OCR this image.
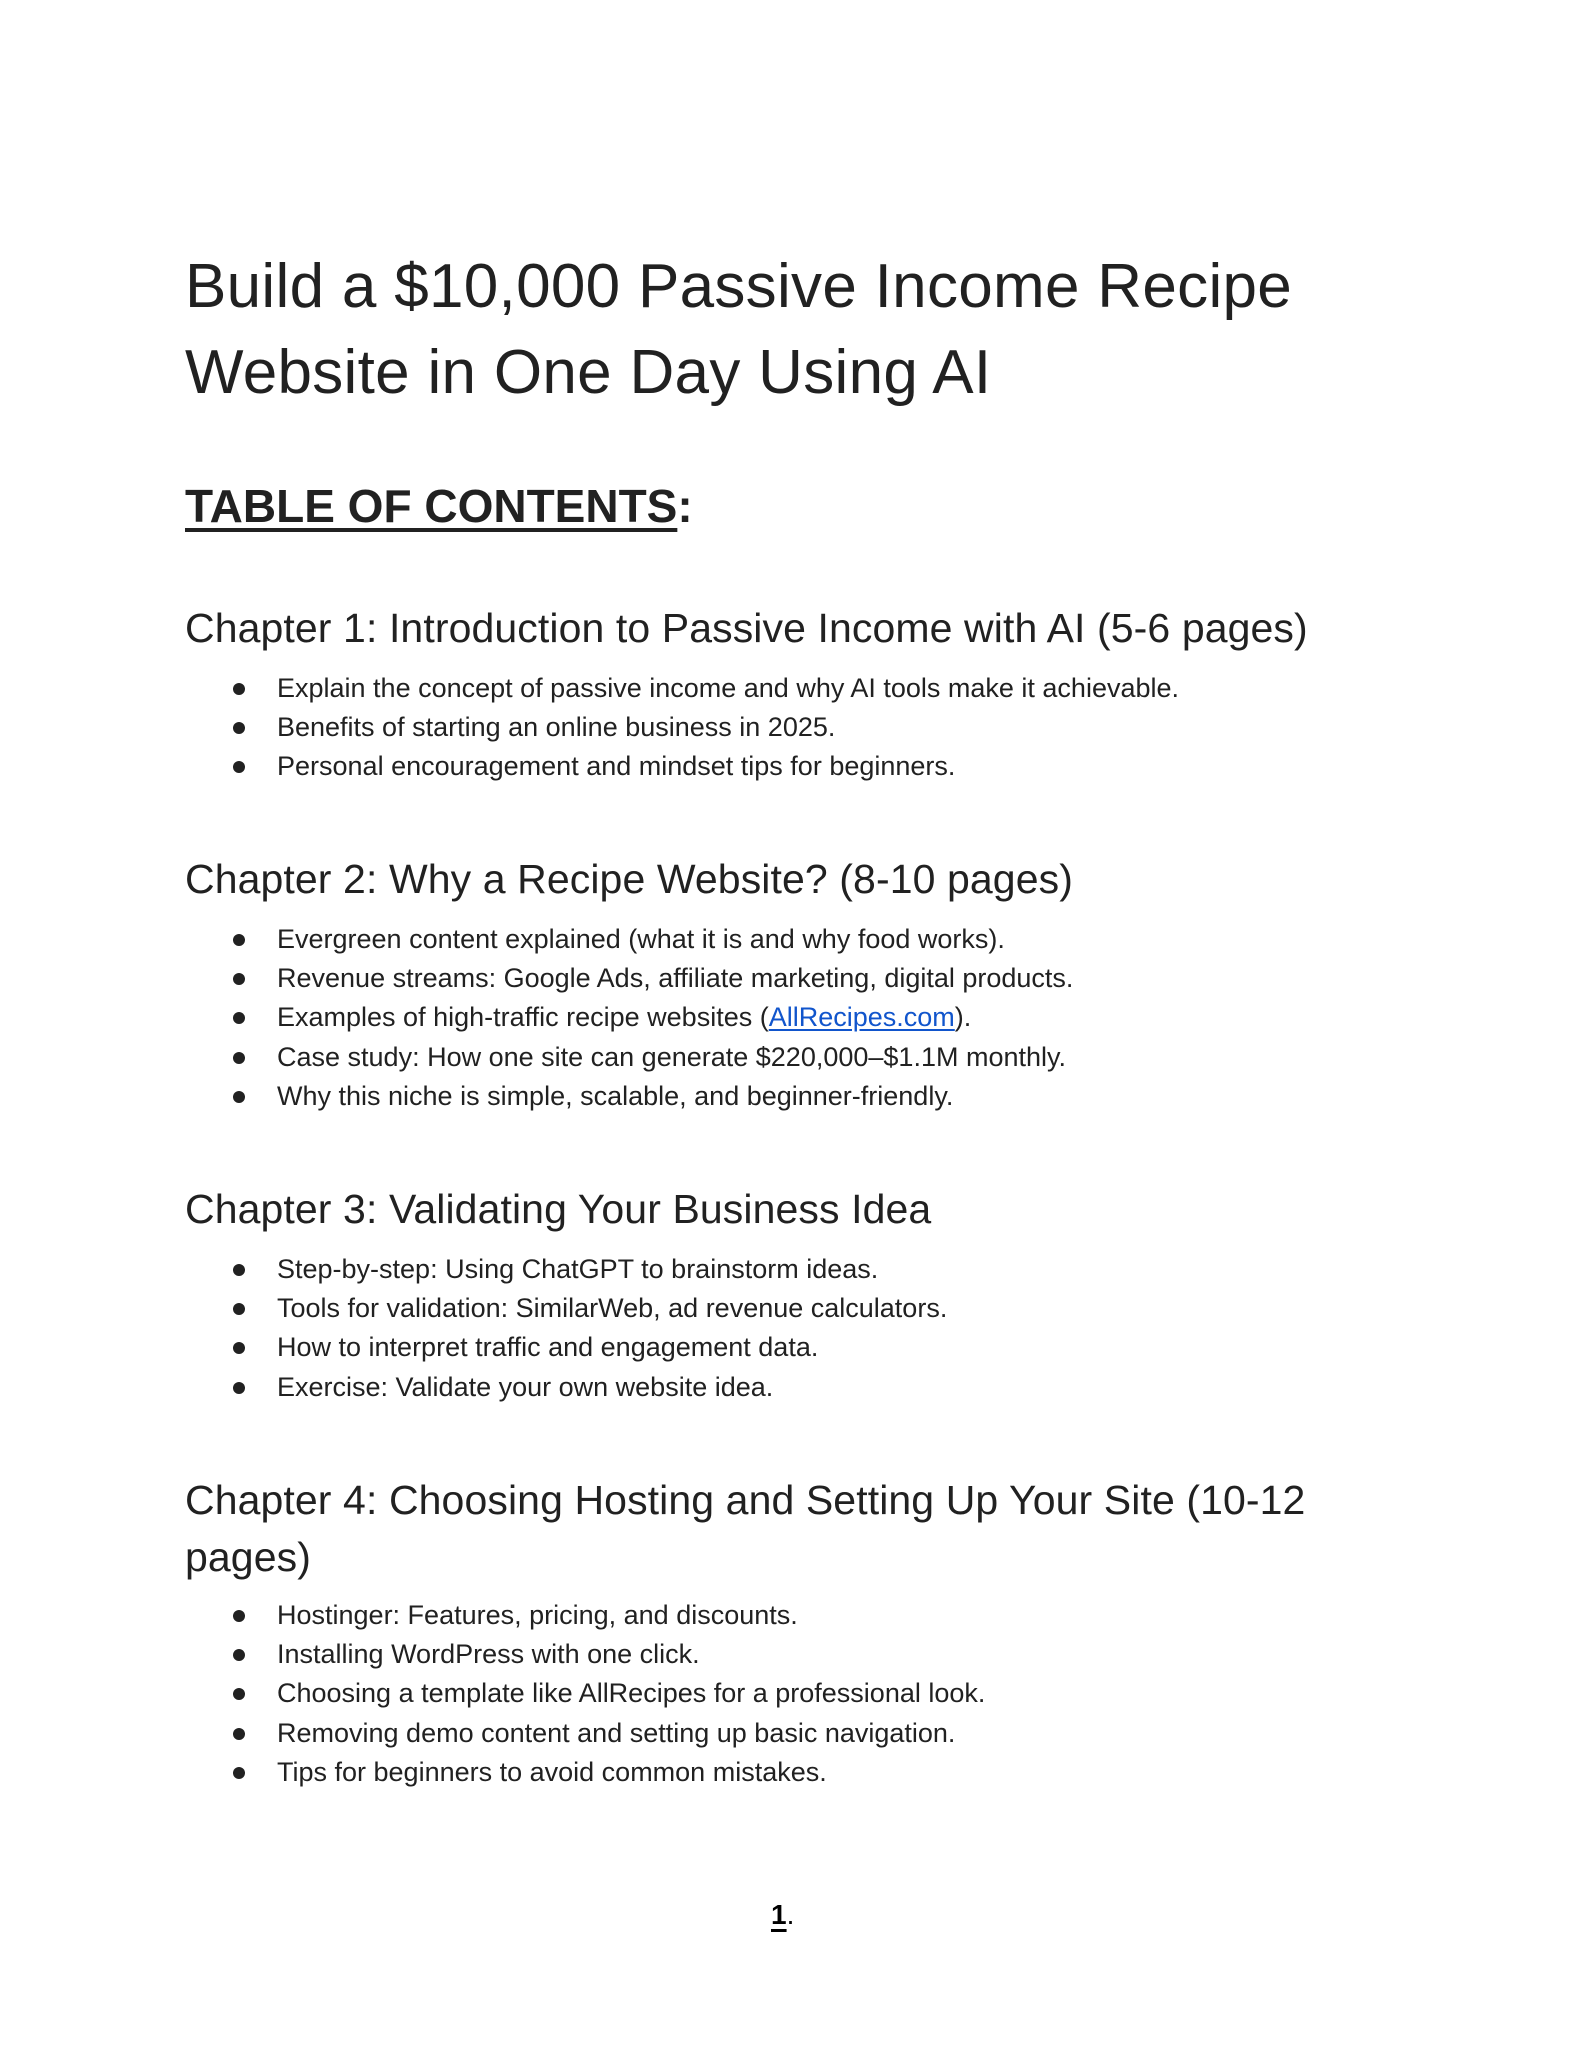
Build a $10,000 Passive Income Recipe Website in One Day Using AI
TABLE OF CONTENTS:
Chapter 1: Introduction to Passive Income with AI (5-6 pages)
Explain the concept of passive income and why AI tools make it achievable.
Benefits of starting an online business in 2025.
Personal encouragement and mindset tips for beginners.
Chapter 2: Why a Recipe Website? (8-10 pages)
Evergreen content explained (what it is and why food works).
Revenue streams: Google Ads, affiliate marketing, digital products.
Examples of high-traffic recipe websites (AllRecipes.com).
Case study: How one site can generate $220,000–$1.1M monthly.
Why this niche is simple, scalable, and beginner-friendly.
Chapter 3: Validating Your Business Idea
Step-by-step: Using ChatGPT to brainstorm ideas.
Tools for validation: SimilarWeb, ad revenue calculators.
How to interpret traffic and engagement data.
Exercise: Validate your own website idea.
Chapter 4: Choosing Hosting and Setting Up Your Site (10-12 pages)
Hostinger: Features, pricing, and discounts.
Installing WordPress with one click.
Choosing a template like AllRecipes for a professional look.
Removing demo content and setting up basic navigation.
Tips for beginners to avoid common mistakes.
1.
